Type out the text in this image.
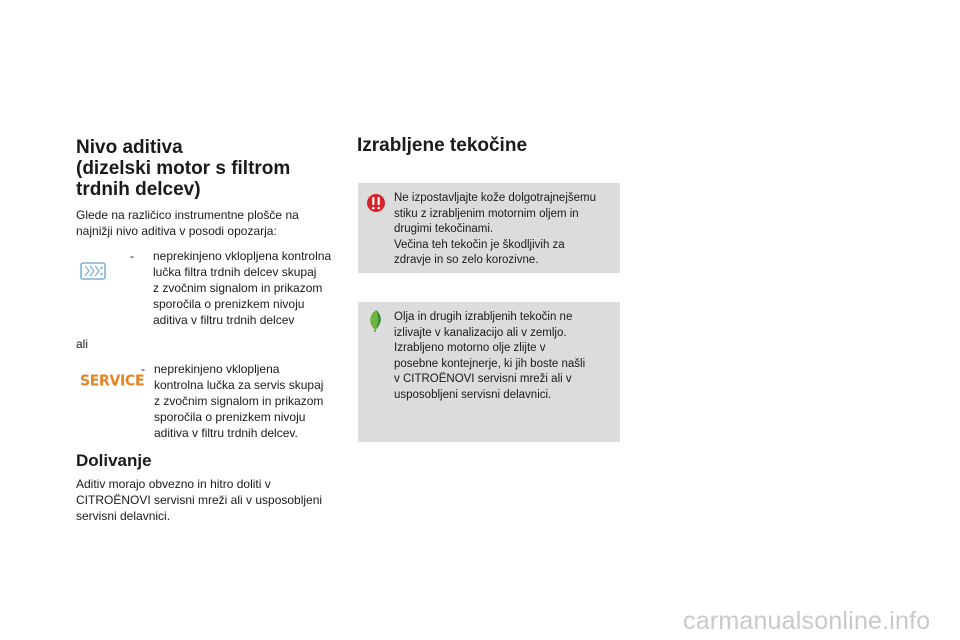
Nivo aditiva
(dizelski motor s filtrom
trdnih delcev)
Glede na različico instrumentne plošče na
najnižji nivo aditiva v posodi opozarja:
- neprekinjeno vklopljena kontrolna
lučka filtra trdnih delcev skupaj
z zvočnim signalom in prikazom
sporočila o prenizkem nivoju
aditiva v filtru trdnih delcev
ali
SERVICE
- neprekinjeno vklopljena
kontrolna lučka za servis skupaj
z zvočnim signalom in prikazom
sporočila o prenizkem nivoju
aditiva v filtru trdnih delcev.
Dolivanje
Aditiv morajo obvezno in hitro doliti v
CITROËNOVI servisni mreži ali v usposobljeni
servisni delavnici.
Izrabljene tekočine
Ne izpostavljajte kože dolgotrajnejšemu
stiku z izrabljenim motornim oljem in
drugimi tekočinami.
Večina teh tekočin je škodljivih za
zdravje in so zelo korozivne.
Olja in drugih izrabljenih tekočin ne
izlivajte v kanalizacijo ali v zemljo.
Izrabljeno motorno olje zlijte v
posebne kontejnerje, ki jih boste našli
v CITROËNOVI servisni mreži ali v
usposobljeni servisni delavnici.
carmanualsonline.info
